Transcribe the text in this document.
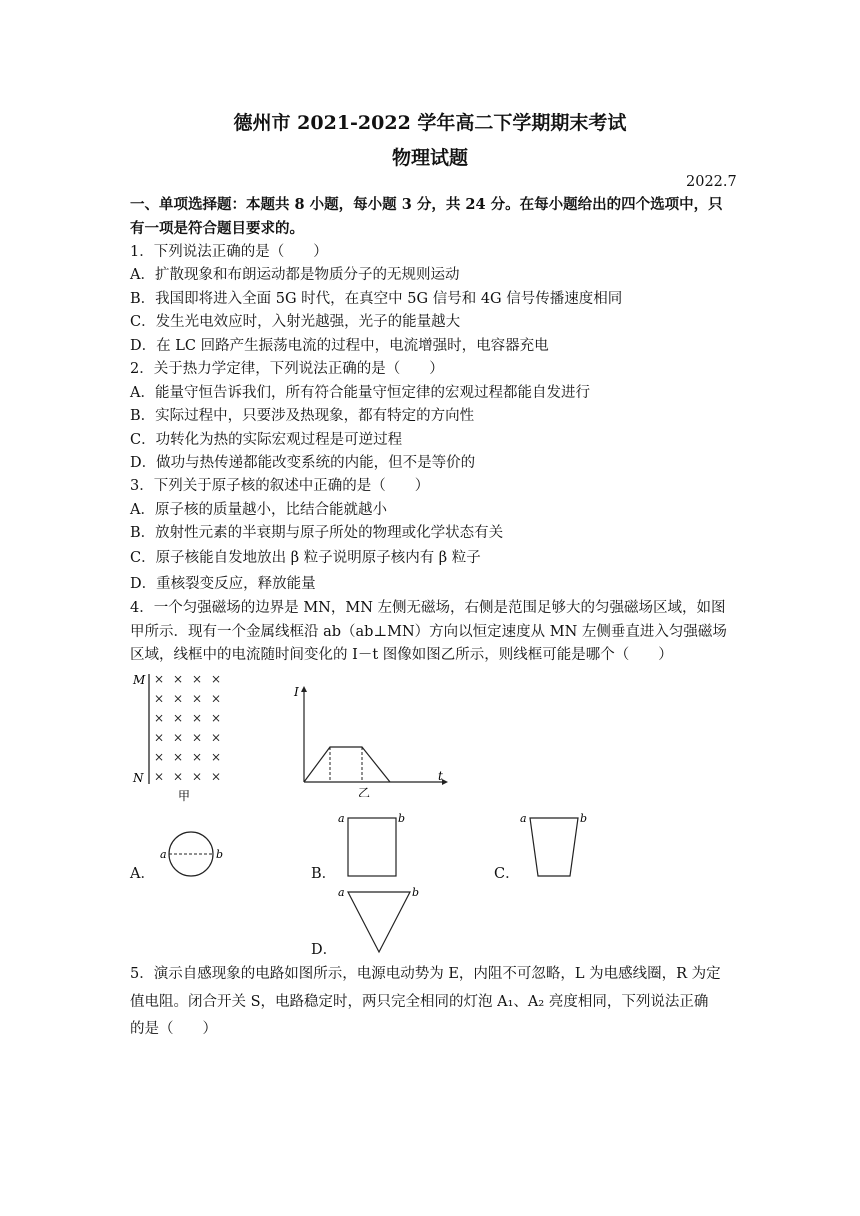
德州市 2021-2022 学年高二下学期期末考试
物理试题
2022.7
一、单项选择题：本题共 8 小题，每小题 3 分，共 24 分。在每小题给出的四个选项中，只
有一项是符合题目要求的。
1．下列说法正确的是（　　）
A．扩散现象和布朗运动都是物质分子的无规则运动
B．我国即将进入全面 5G 时代，在真空中 5G 信号和 4G 信号传播速度相同
C．发生光电效应时，入射光越强，光子的能量越大
D．在 LC 回路产生振荡电流的过程中，电流增强时，电容器充电
2．关于热力学定律，下列说法正确的是（　　）
A．能量守恒告诉我们，所有符合能量守恒定律的宏观过程都能自发进行
B．实际过程中，只要涉及热现象，都有特定的方向性
C．功转化为热的实际宏观过程是可逆过程
D．做功与热传递都能改变系统的内能，但不是等价的
3．下列关于原子核的叙述中正确的是（　　）
A．原子核的质量越小，比结合能就越小
B．放射性元素的半衰期与原子所处的物理或化学状态有关
C．原子核能自发地放出 β 粒子说明原子核内有 β 粒子
D．重核裂变反应，释放能量
4．一个匀强磁场的边界是 MN，MN 左侧无磁场，右侧是范围足够大的匀强磁场区域，如图
甲所示．现有一个金属线框沿 ab（ab⊥MN）方向以恒定速度从 MN 左侧垂直进入匀强磁场
区域，线框中的电流随时间变化的 I－t 图像如图乙所示，则线框可能是哪个（　　）
M
N
× × × ×
× × × ×
× × × ×
× × × ×
× × × ×
× × × ×
甲
I
t
乙
A．
a	b
B．
a	b
C．
a	b
a	b
D．
5．演示自感现象的电路如图所示，电源电动势为 E，内阻不可忽略，L 为电感线圈，R 为定
值电阻。闭合开关 S，电路稳定时，两只完全相同的灯泡 A₁、A₂ 亮度相同，下列说法正确
的是（　　）
